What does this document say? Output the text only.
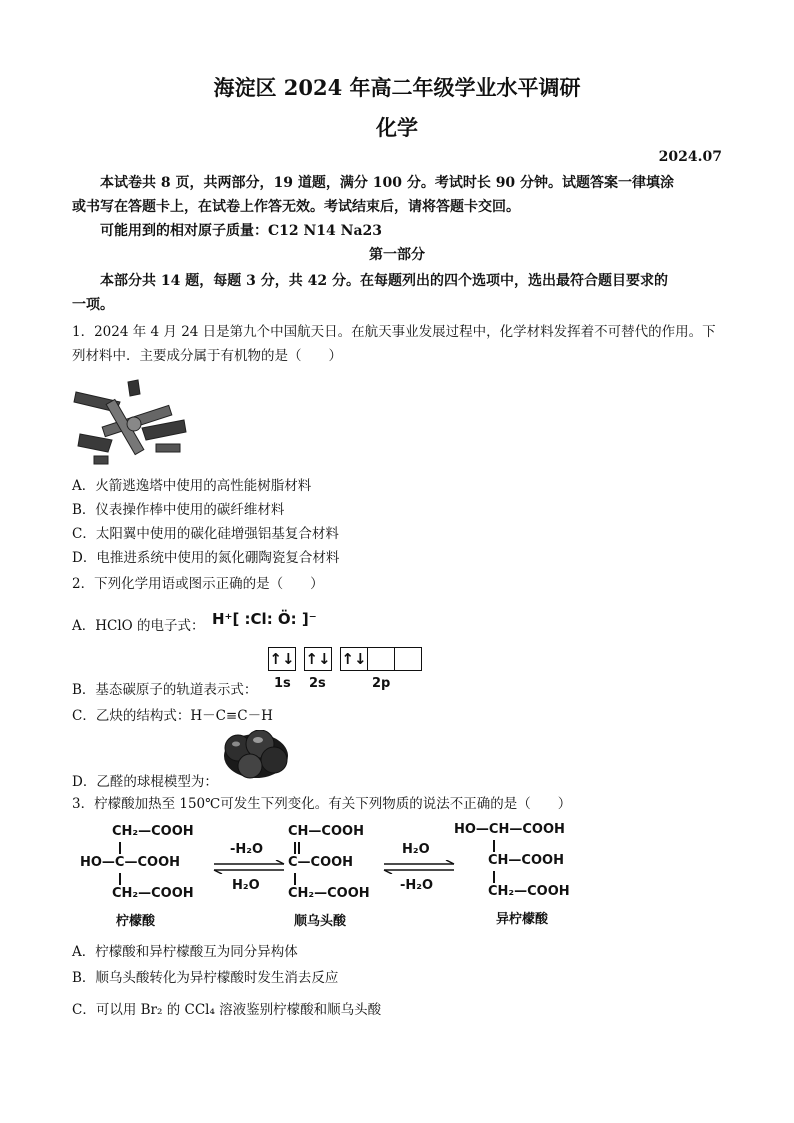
海淀区 2024 年高二年级学业水平调研
化学
2024.07
本试卷共 8 页，共两部分，19 道题，满分 100 分。考试时长 90 分钟。试题答案一律填涂
或书写在答题卡上，在试卷上作答无效。考试结束后，请将答题卡交回。
可能用到的相对原子质量：C12 N14 Na23
第一部分
本部分共 14 题，每题 3 分，共 42 分。在每题列出的四个选项中，选出最符合题目要求的
一项。
1．2024 年 4 月 24 日是第九个中国航天日。在航天事业发展过程中，化学材料发挥着不可替代的作用。下
列材料中．主要成分属于有机物的是（　　）
A．火箭逃逸塔中使用的高性能树脂材料
B．仪表操作棒中使用的碳纤维材料
C．太阳翼中使用的碳化硅增强铝基复合材料
D．电推进系统中使用的氮化硼陶瓷复合材料
2．下列化学用语或图示正确的是（　　）
A．HClO 的电子式： H⁺[ :Cl: Ö: ]⁻
↑↓ ↑↓ ↑↓
1s 2s	2p
B．基态碳原子的轨道表示式：
C．乙炔的结构式：H－C≡C－H
D．乙醛的球棍模型为：
3．柠檬酸加热至 150℃可发生下列变化。有关下列物质的说法不正确的是（　　）
CH₂—COOH
HO—C—COOH
CH₂—COOH
柠檬酸
-H₂O
H₂O
CH—COOH
C—COOH
CH₂—COOH
顺乌头酸
H₂O
-H₂O
HO—CH—COOH
CH—COOH
CH₂—COOH
异柠檬酸
A．柠檬酸和异柠檬酸互为同分异构体
B．顺乌头酸转化为异柠檬酸时发生消去反应
C．可以用 Br₂ 的 CCl₄ 溶液鉴别柠檬酸和顺乌头酸
